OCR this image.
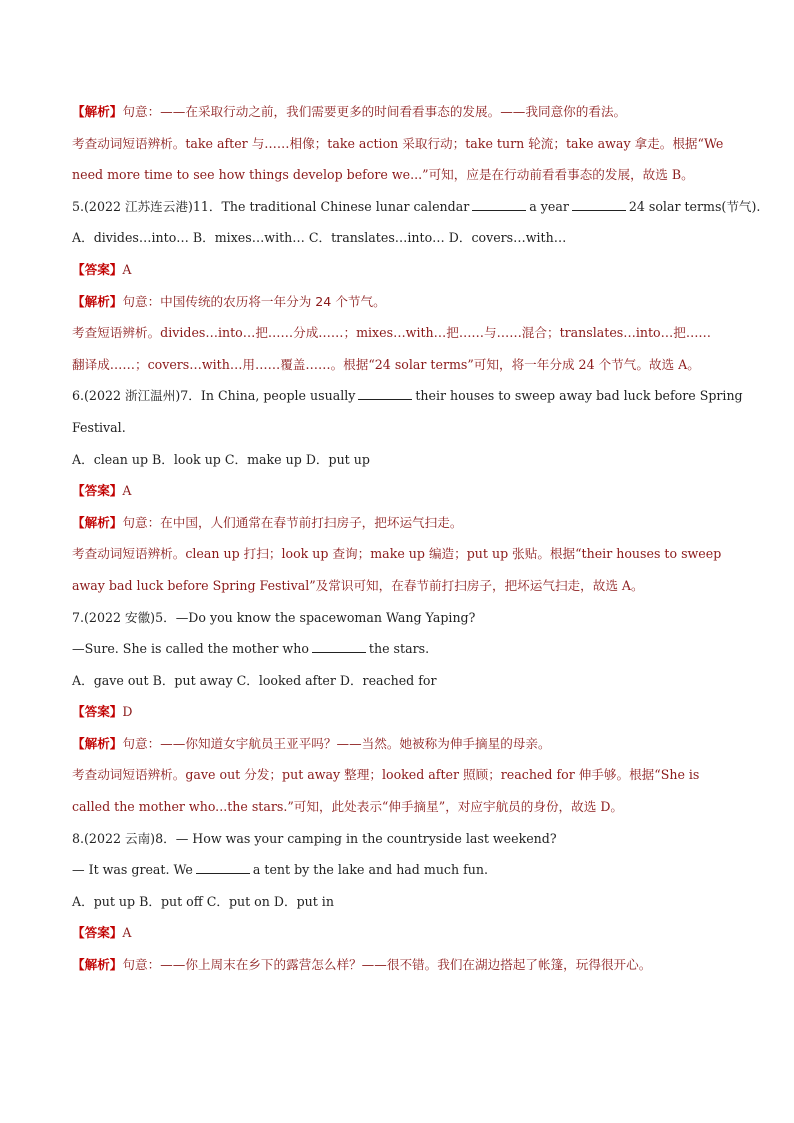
【解析】句意：——在采取行动之前，我们需要更多的时间看看事态的发展。——我同意你的看法。
考查动词短语辨析。take after 与……相像；take action 采取行动；take turn 轮流；take away 拿走。根据“We
need more time to see how things develop before we...”可知，应是在行动前看看事态的发展，故选 B。
5.(2022 江苏连云港)11．The traditional Chinese lunar calendar	a year	24 solar terms(节气).
A．divides…into… B．mixes…with… C．translates…into… D．covers…with…
【答案】A
【解析】句意：中国传统的农历将一年分为 24 个节气。
考查短语辨析。divides…into…把……分成……；mixes…with…把……与……混合；translates…into…把……
翻译成……；covers…with…用……覆盖……。根据“24 solar terms”可知，将一年分成 24 个节气。故选 A。
6.(2022 浙江温州)7．In China, people usually	their houses to sweep away bad luck before Spring
Festival.
A．clean up B．look up C．make up D．put up
【答案】A
【解析】句意：在中国，人们通常在春节前打扫房子，把坏运气扫走。
考查动词短语辨析。clean up 打扫；look up 查询；make up 编造；put up 张贴。根据“their houses to sweep
away bad luck before Spring Festival”及常识可知，在春节前打扫房子，把坏运气扫走，故选 A。
7.(2022 安徽)5．—Do you know the spacewoman Wang Yaping?
—Sure. She is called the mother who	the stars.
A．gave out B．put away C．looked after D．reached for
【答案】D
【解析】句意：——你知道女宇航员王亚平吗？——当然。她被称为伸手摘星的母亲。
考查动词短语辨析。gave out 分发；put away 整理；looked after 照顾；reached for 伸手够。根据“She is
called the mother who...the stars.”可知，此处表示“伸手摘星”，对应宇航员的身份，故选 D。
8.(2022 云南)8．— How was your camping in the countryside last weekend?
— It was great. We	a tent by the lake and had much fun.
A．put up B．put off C．put on D．put in
【答案】A
【解析】句意：——你上周末在乡下的露营怎么样？——很不错。我们在湖边搭起了帐篷，玩得很开心。
